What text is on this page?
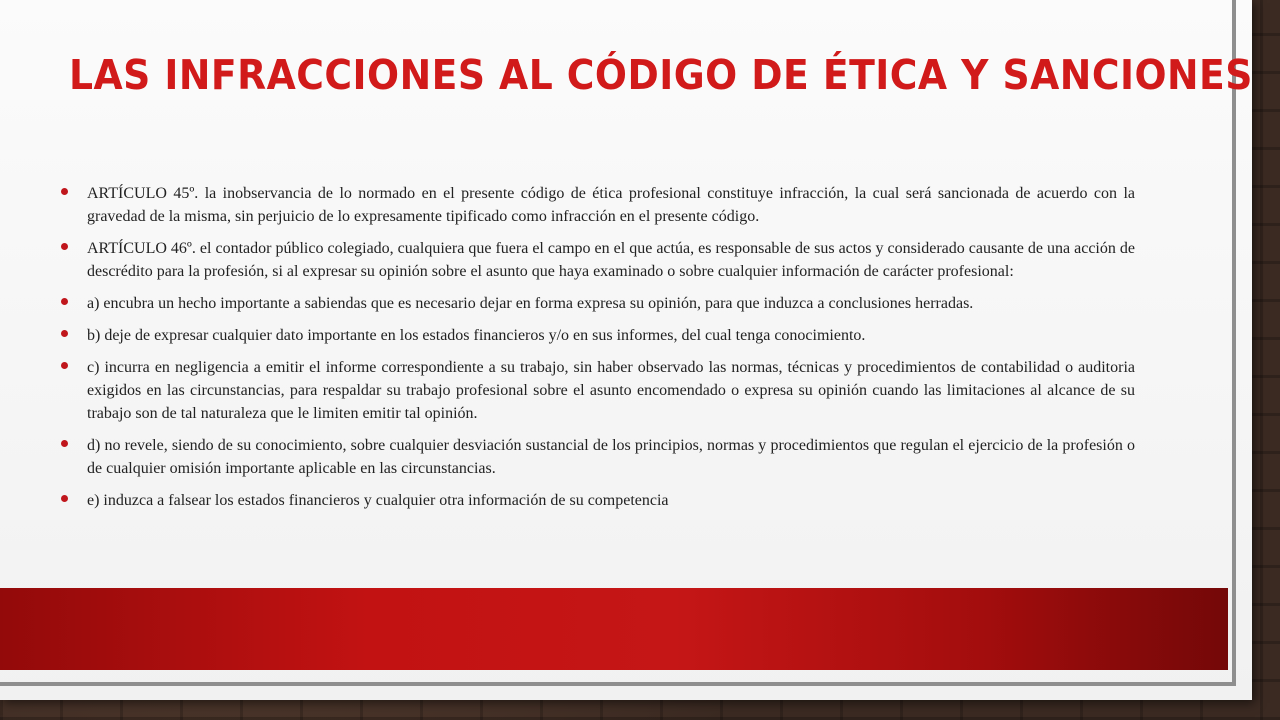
LAS INFRACCIONES AL CÓDIGO DE ÉTICA Y SANCIONES
ARTÍCULO 45º. la inobservancia de lo normado en el presente código de ética profesional constituye infracción, la cual será sancionada de acuerdo con la gravedad de la misma, sin perjuicio de lo expresamente tipificado como infracción en el presente código.
ARTÍCULO 46º. el contador público colegiado, cualquiera que fuera el campo en el que actúa, es responsable de sus actos y considerado causante de una acción de descrédito para la profesión, si al expresar su opinión sobre el asunto que haya examinado o sobre cualquier información de carácter profesional:
a) encubra un hecho importante a sabiendas que es necesario dejar en forma expresa su opinión, para que induzca a conclusiones herradas.
b) deje de expresar cualquier dato importante en los estados financieros y/o en sus informes, del cual tenga conocimiento.
c) incurra en negligencia a emitir el informe correspondiente a su trabajo, sin haber observado las normas, técnicas y procedimientos de contabilidad o auditoria exigidos en las circunstancias, para respaldar su trabajo profesional sobre el asunto encomendado o expresa su opinión cuando las limitaciones al alcance de su trabajo son de tal naturaleza que le limiten emitir tal opinión.
d) no revele, siendo de su conocimiento, sobre cualquier desviación sustancial de los principios, normas y procedimientos que regulan el ejercicio de la profesión o de cualquier omisión importante aplicable en las circunstancias.
e) induzca a falsear los estados financieros y cualquier otra información de su competencia
